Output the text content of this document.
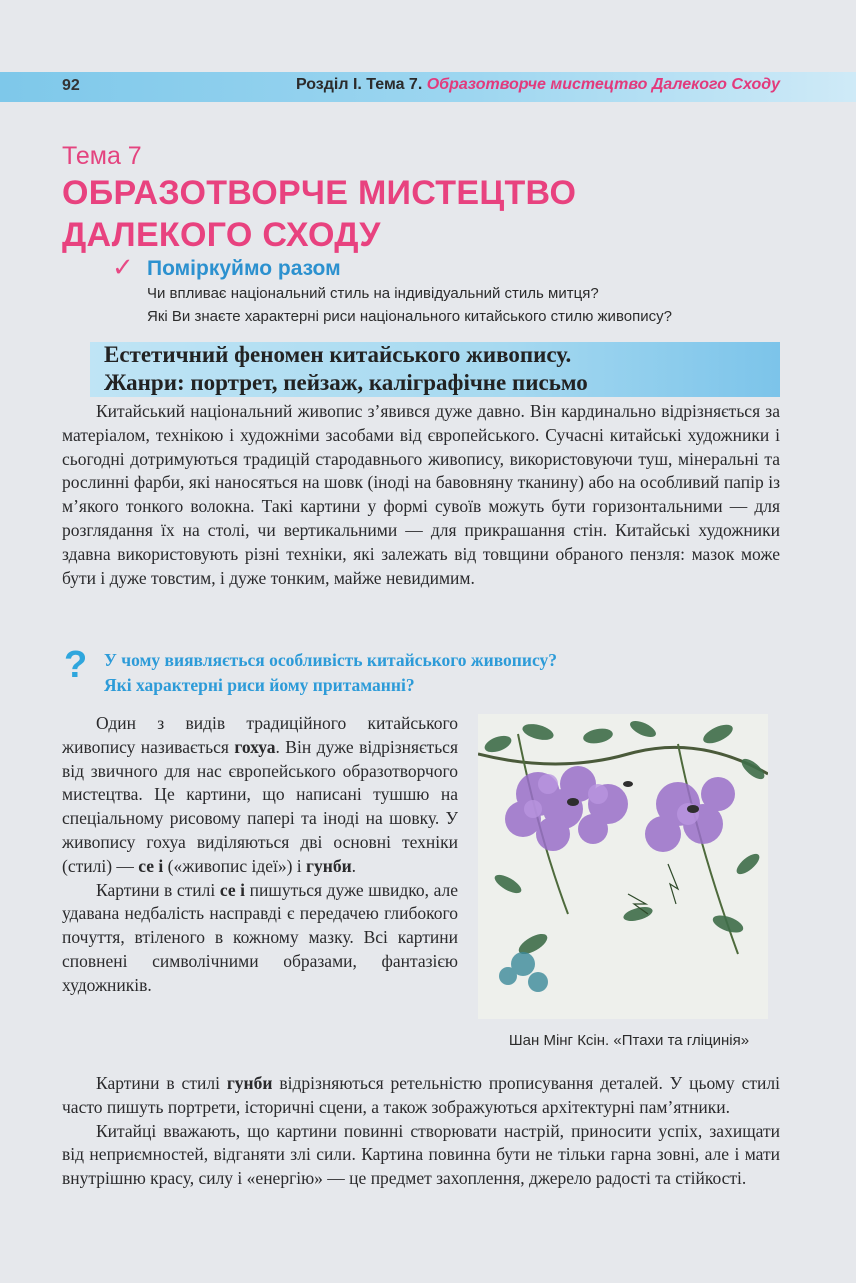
92	Розділ І. Тема 7. Образотворче мистецтво Далекого Сходу
Тема 7
ОБРАЗОТВОРЧЕ МИСТЕЦТВО
ДАЛЕКОГО СХОДУ
✓ Поміркуймо разом
Чи впливає національний стиль на індивідуальний стиль митця?
Які Ви знаєте характерні риси національного китайського стилю живопису?
Естетичний феномен китайського живопису.
Жанри: портрет, пейзаж, каліграфічне письмо

Китайський національний живопис з’явився дуже давно. Він кардинально відрізняється за матеріалом, технікою і художніми засобами від європейського. Сучасні китайські художники і сьогодні дотримуються традицій стародавнього живопису, використовуючи туш, мінеральні та рослинні фарби, які наносяться на шовк (іноді на бавовняну тканину) або на особливий папір із м’якого тонкого волокна. Такі картини у формі сувоїв можуть бути горизонтальними — для розглядання їх на столі, чи вертикальними — для прикрашання стін. Китайські художники здавна використовують різні техніки, які залежать від товщини обраного пензля: мазок може бути і дуже товстим, і дуже тонким, майже невидимим.

? У чому виявляється особливість китайського живопису?
Які характерні риси йому притаманні?

Один з видів традиційного китайського живопису називається гохуа. Він дуже відрізняється від звичного для нас європейського образотворчого мистецтва. Це картини, що написані тушшю на спеціальному рисовому папері та іноді на шовку. У живопису гохуа виділяються дві основні техніки (стилі) — се і («живопис ідеї») і гунби.

Картини в стилі се і пишуться дуже швидко, але удавана недбалість насправді є передачею глибокого почуття, втіленого в кожному мазку. Всі картини сповнені символічними образами, фантазією художників.

Картини в стилі гунби відрізняються ретельністю прописування деталей. У цьому стилі часто пишуть портрети, історичні сцени, а також зображуються архітектурні пам’ятники.

Китайці вважають, що картини повинні створювати настрій, приносити успіх, захищати від неприємностей, відганяти злі сили. Картина повинна бути не тільки гарна зовні, але і мати внутрішню красу, силу і «енергію» — це предмет захоплення, джерело радості та стійкості.

Шан Мінг Ксін. «Птахи та гліцинія»
